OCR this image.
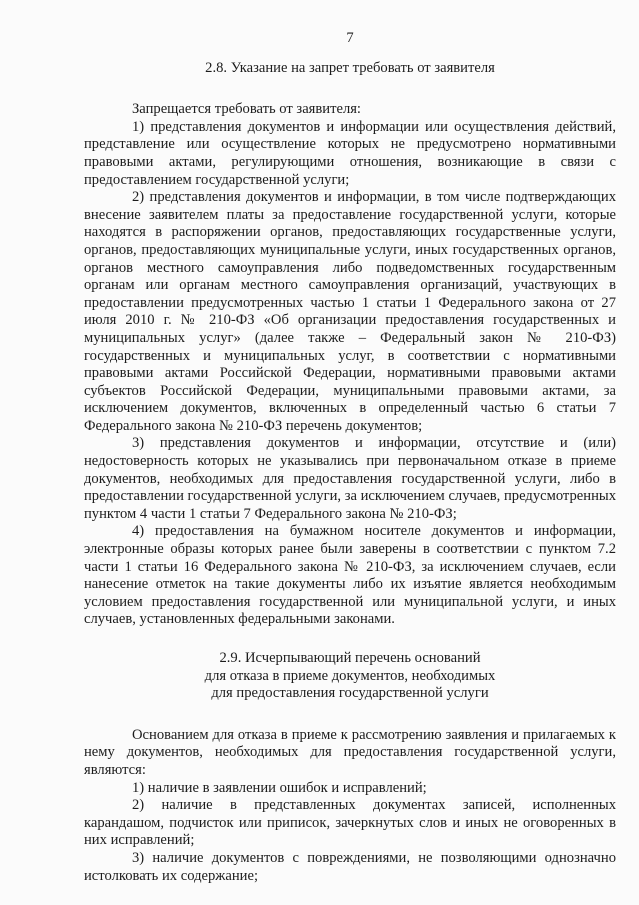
7
2.8. Указание на запрет требовать от заявителя

Запрещается требовать от заявителя:

1) представления документов и информации или осуществления действий, представление или осуществление которых не предусмотрено нормативными правовыми актами, регулирующими отношения, возникающие в связи с предоставлением государственной услуги;

2) представления документов и информации, в том числе подтверждающих внесение заявителем платы за предоставление государственной услуги, которые находятся в распоряжении органов, предоставляющих государственные услуги, органов, предоставляющих муниципальные услуги, иных государственных органов, органов местного самоуправления либо подведомственных государственным органам или органам местного самоуправления организаций, участвующих в предоставлении предусмотренных частью 1 статьи 1 Федерального закона от 27 июля 2010 г. № 210-ФЗ «Об организации предоставления государственных и муниципальных услуг» (далее также – Федеральный закон № 210-ФЗ) государственных и муниципальных услуг, в соответствии с нормативными правовыми актами Российской Федерации, нормативными правовыми актами субъектов Российской Федерации, муниципальными правовыми актами, за исключением документов, включенных в определенный частью 6 статьи 7 Федерального закона № 210-ФЗ перечень документов;

3) представления документов и информации, отсутствие и (или) недостоверность которых не указывались при первоначальном отказе в приеме документов, необходимых для предоставления государственной услуги, либо в предоставлении государственной услуги, за исключением случаев, предусмотренных пунктом 4 части 1 статьи 7 Федерального закона № 210-ФЗ;

4) предоставления на бумажном носителе документов и информации, электронные образы которых ранее были заверены в соответствии с пунктом 7.2 части 1 статьи 16 Федерального закона № 210-ФЗ, за исключением случаев, если нанесение отметок на такие документы либо их изъятие является необходимым условием предоставления государственной или муниципальной услуги, и иных случаев, установленных федеральными законами.

2.9. Исчерпывающий перечень оснований
для отказа в приеме документов, необходимых
для предоставления государственной услуги

Основанием для отказа в приеме к рассмотрению заявления и прилагаемых к нему документов, необходимых для предоставления государственной услуги, являются:

1) наличие в заявлении ошибок и исправлений;

2) наличие в представленных документах записей, исполненных карандашом, подчисток или приписок, зачеркнутых слов и иных не оговоренных в них исправлений;

3) наличие документов с повреждениями, не позволяющими однозначно истолковать их содержание;
